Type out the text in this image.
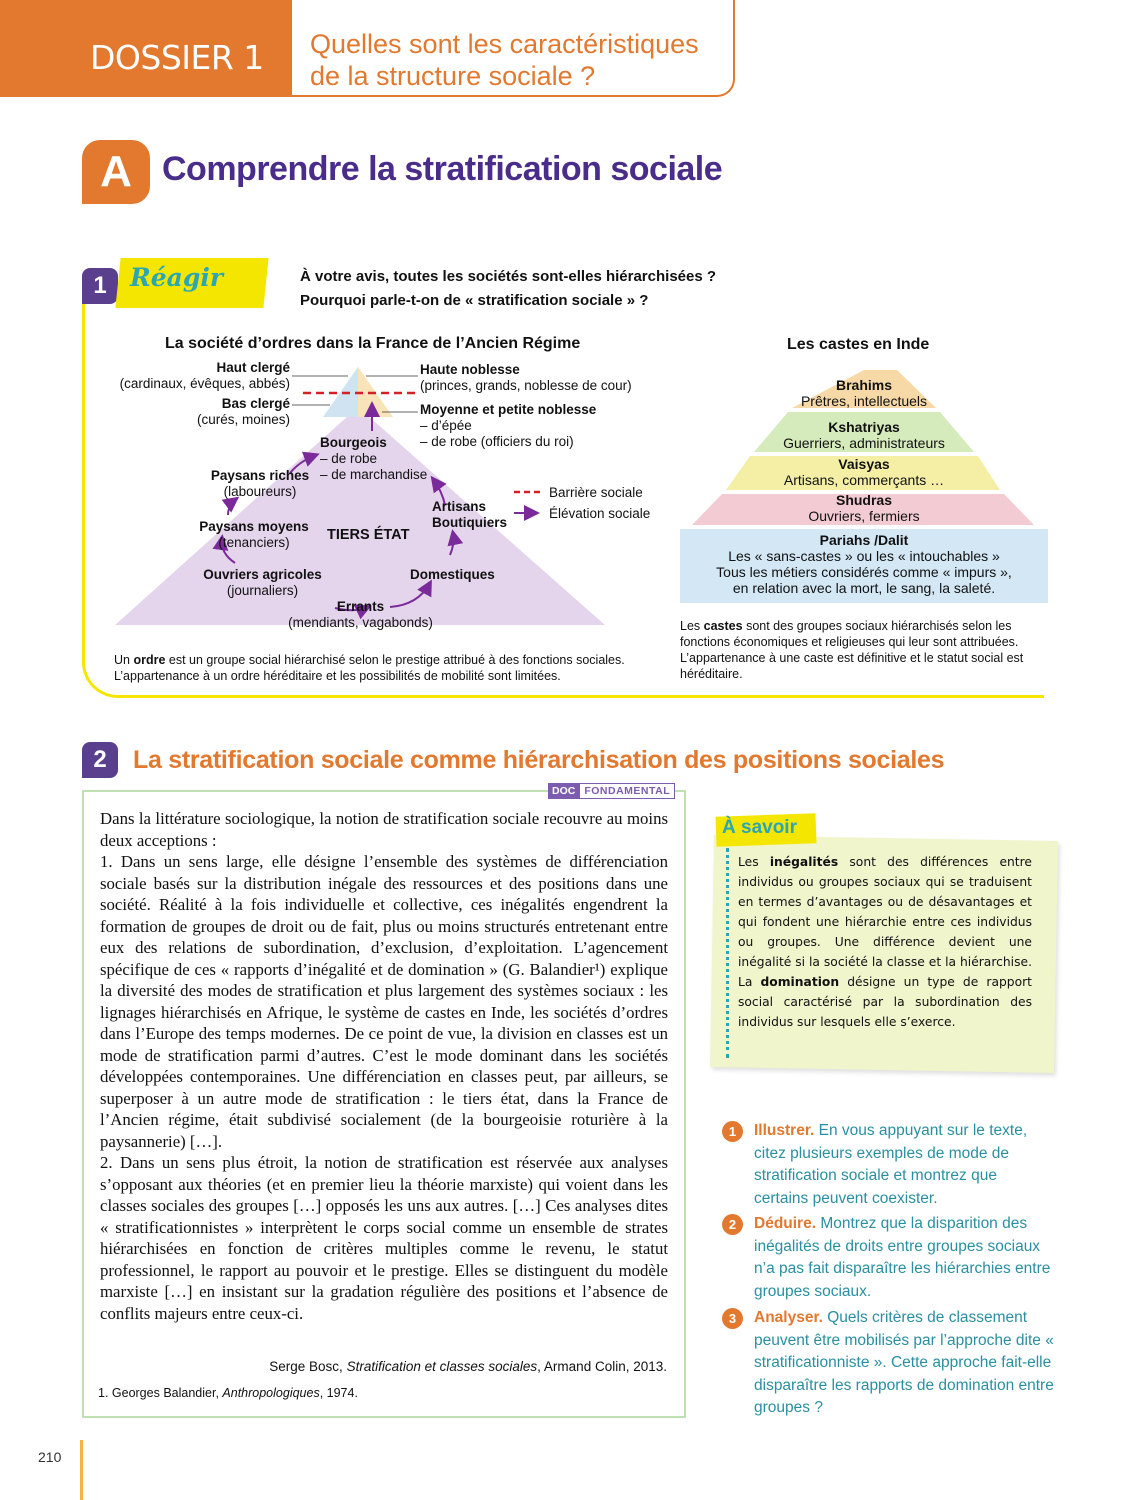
DOSSIER 1 Quelles sont les caractéristiques
de la structure sociale ?
A Comprendre la stratification sociale
1 Réagir	À votre avis, toutes les sociétés sont-elles hiérarchisées ?
Pourquoi parle-t-on de « stratification sociale » ?
La société d’ordres dans la France de l’Ancien Régime
Haut clergé
(cardinaux, évêques, abbés)
Bas clergé
(curés, moines)
Haute noblesse
(princes, grands, noblesse de cour)
Moyenne et petite noblesse
– d’épée
– de robe (officiers du roi)
Bourgeois
– de robe
– de marchandise
Paysans riches
(laboureurs)
Paysans moyens
(tenanciers)	TIERS ÉTAT
Artisans
Boutiquiers
Ouvriers agricoles
(journaliers)
Domestiques
Errants
(mendiants, vagabonds)
Barrière sociale
Élévation sociale
Un ordre est un groupe social hiérarchisé selon le prestige attribué à des fonctions sociales. L’appartenance à un ordre héréditaire et les possibilités de mobilité sont limitées.
Les castes en Inde
Brahims
Prêtres, intellectuels
Kshatriyas
Guerriers, administrateurs
Vaisyas
Artisans, commerçants …
Shudras
Ouvriers, fermiers
Pariahs /Dalit
Les « sans-castes » ou les « intouchables »
Tous les métiers considérés comme « impurs »,
en relation avec la mort, le sang, la saleté.
Les castes sont des groupes sociaux hiérarchisés selon les fonctions économiques et religieuses qui leur sont attribuées. L’appartenance à une caste est définitive et le statut social est héréditaire.
2	La stratification sociale comme hiérarchisation des positions sociales
DOC FONDAMENTAL

Dans la littérature sociologique, la notion de stratification sociale recouvre au moins deux acceptions :

1. Dans un sens large, elle désigne l’ensemble des systèmes de différenciation sociale basés sur la distribution inégale des ressources et des positions dans une société. Réalité à la fois individuelle et collective, ces inégalités engendrent la formation de groupes de droit ou de fait, plus ou moins structurés entretenant entre eux des relations de subordination, d’exclusion, d’exploitation. L’agencement spécifique de ces « rapports d’inégalité et de domination » (G. Balandier¹) explique la diversité des modes de stratification et plus largement des systèmes sociaux : les lignages hiérarchisés en Afrique, le système de castes en Inde, les sociétés d’ordres dans l’Europe des temps modernes. De ce point de vue, la division en classes est un mode de stratification parmi d’autres. C’est le mode dominant dans les sociétés développées contemporaines. Une différenciation en classes peut, par ailleurs, se superposer à un autre mode de stratification : le tiers état, dans la France de l’Ancien régime, était subdivisé socialement (de la bourgeoisie roturière à la paysannerie) […].

2. Dans un sens plus étroit, la notion de stratification est réservée aux analyses s’opposant aux théories (et en premier lieu la théorie marxiste) qui voient dans les classes sociales des groupes […] opposés les uns aux autres. […] Ces analyses dites « stratificationnistes » interprètent le corps social comme un ensemble de strates hiérarchisées en fonction de critères multiples comme le revenu, le statut professionnel, le rapport au pouvoir et le prestige. Elles se distinguent du modèle marxiste […] en insistant sur la gradation régulière des positions et l’absence de conflits majeurs entre ceux-ci.

Serge Bosc, Stratification et classes sociales, Armand Colin, 2013.
1. Georges Balandier, Anthropologiques, 1974.
À savoir
Les inégalités sont des différences entre individus ou groupes sociaux qui se traduisent en termes d’avantages ou de désavantages et qui fondent une hiérarchie entre ces individus ou groupes. Une différence devient une inégalité si la société la classe et la hiérarchise. La domination désigne un type de rapport social caractérisé par la subordination des individus sur lesquels elle s’exerce.
1	Illustrer. En vous appuyant sur le texte, citez plusieurs exemples de mode de stratification sociale et montrez que certains peuvent coexister.
2	Déduire. Montrez que la disparition des inégalités de droits entre groupes sociaux n’a pas fait disparaître les hiérarchies entre groupes sociaux.
3	Analyser. Quels critères de classement peuvent être mobilisés par l’approche dite « stratificationniste ». Cette approche fait-elle disparaître les rapports de domination entre groupes ?
210
